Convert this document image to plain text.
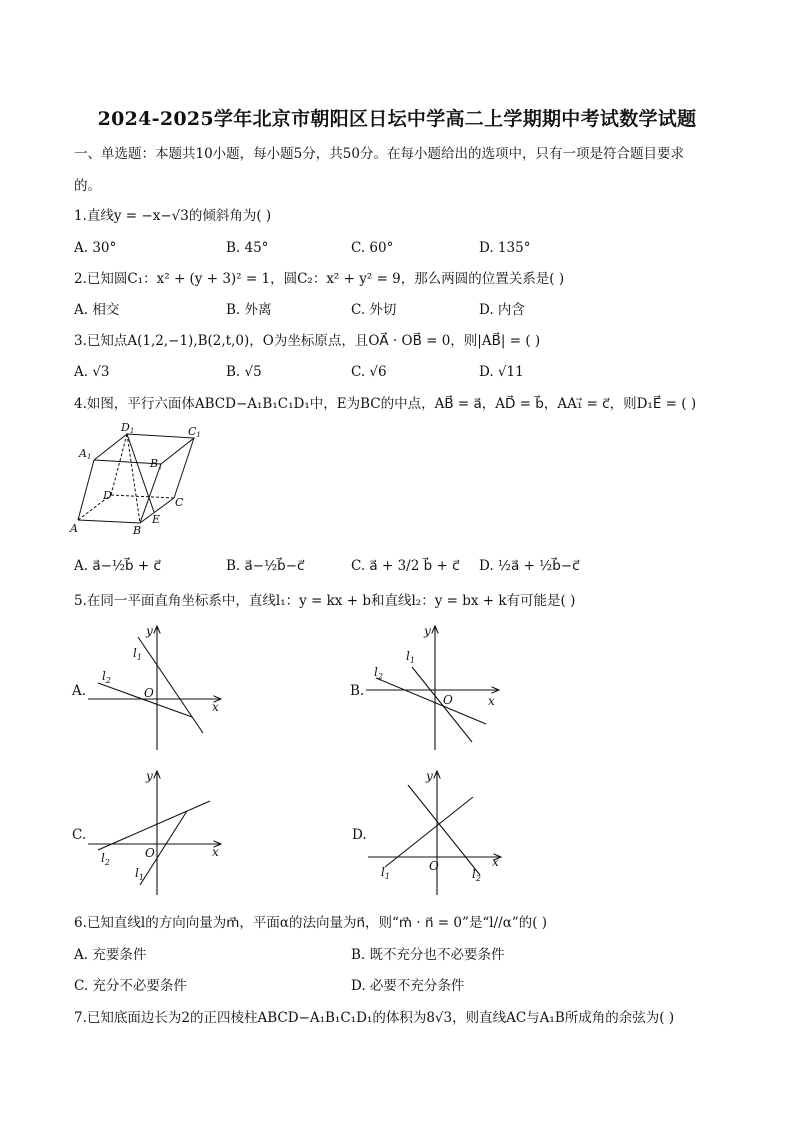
2024-2025学年北京市朝阳区日坛中学高二上学期期中考试数学试题
一、单选题：本题共10小题，每小题5分，共50分。在每小题给出的选项中，只有一项是符合题目要求
的。
1.直线y = −x−√3的倾斜角为( )
A. 30°	B. 45°	C. 60°	D. 135°
2.已知圆C₁：x² + (y + 3)² = 1，圆C₂：x² + y² = 9，那么两圆的位置关系是( )
A. 相交	B. 外离	C. 外切	D. 内含
3.已知点A(1,2,−1),B(2,t,0)，O为坐标原点，且OA⃗ · OB⃗ = 0，则|AB⃗| = ( )
A. √3	B. √5	C. √6	D. √11
4.如图，平行六面体ABCD−A₁B₁C₁D₁中，E为BC的中点，AB⃗ = a⃗，AD⃗ = b⃗，AA₁⃗ = c⃗，则D₁E⃗ = ( )
D1	C1
A1	B1
D
C
A	B
E
A. a⃗−½b⃗ + c⃗	B. a⃗−½b⃗−c⃗	C. a⃗ + 3/2 b⃗ + c⃗ D. ½a⃗ + ½b⃗−c⃗
5.在同一平面直角坐标系中，直线l₁：y = kx + b和直线l₂：y = bx + k有可能是( )
A.	B.
C.	D.
y
x
O
$l_1$
$l_2$
y
x
O
$l_1$
$l_2$
y
x
O
$l_1$
$l_2$
y
x
O
$l_1$	$l_2$
6.已知直线l的方向向量为m⃗，平面α的法向量为n⃗，则“m⃗ · n⃗ = 0”是“l//α”的( )
A. 充要条件	B. 既不充分也不必要条件
C. 充分不必要条件	D. 必要不充分条件
7.已知底面边长为2的正四棱柱ABCD−A₁B₁C₁D₁的体积为8√3，则直线AC与A₁B所成角的余弦为( )
